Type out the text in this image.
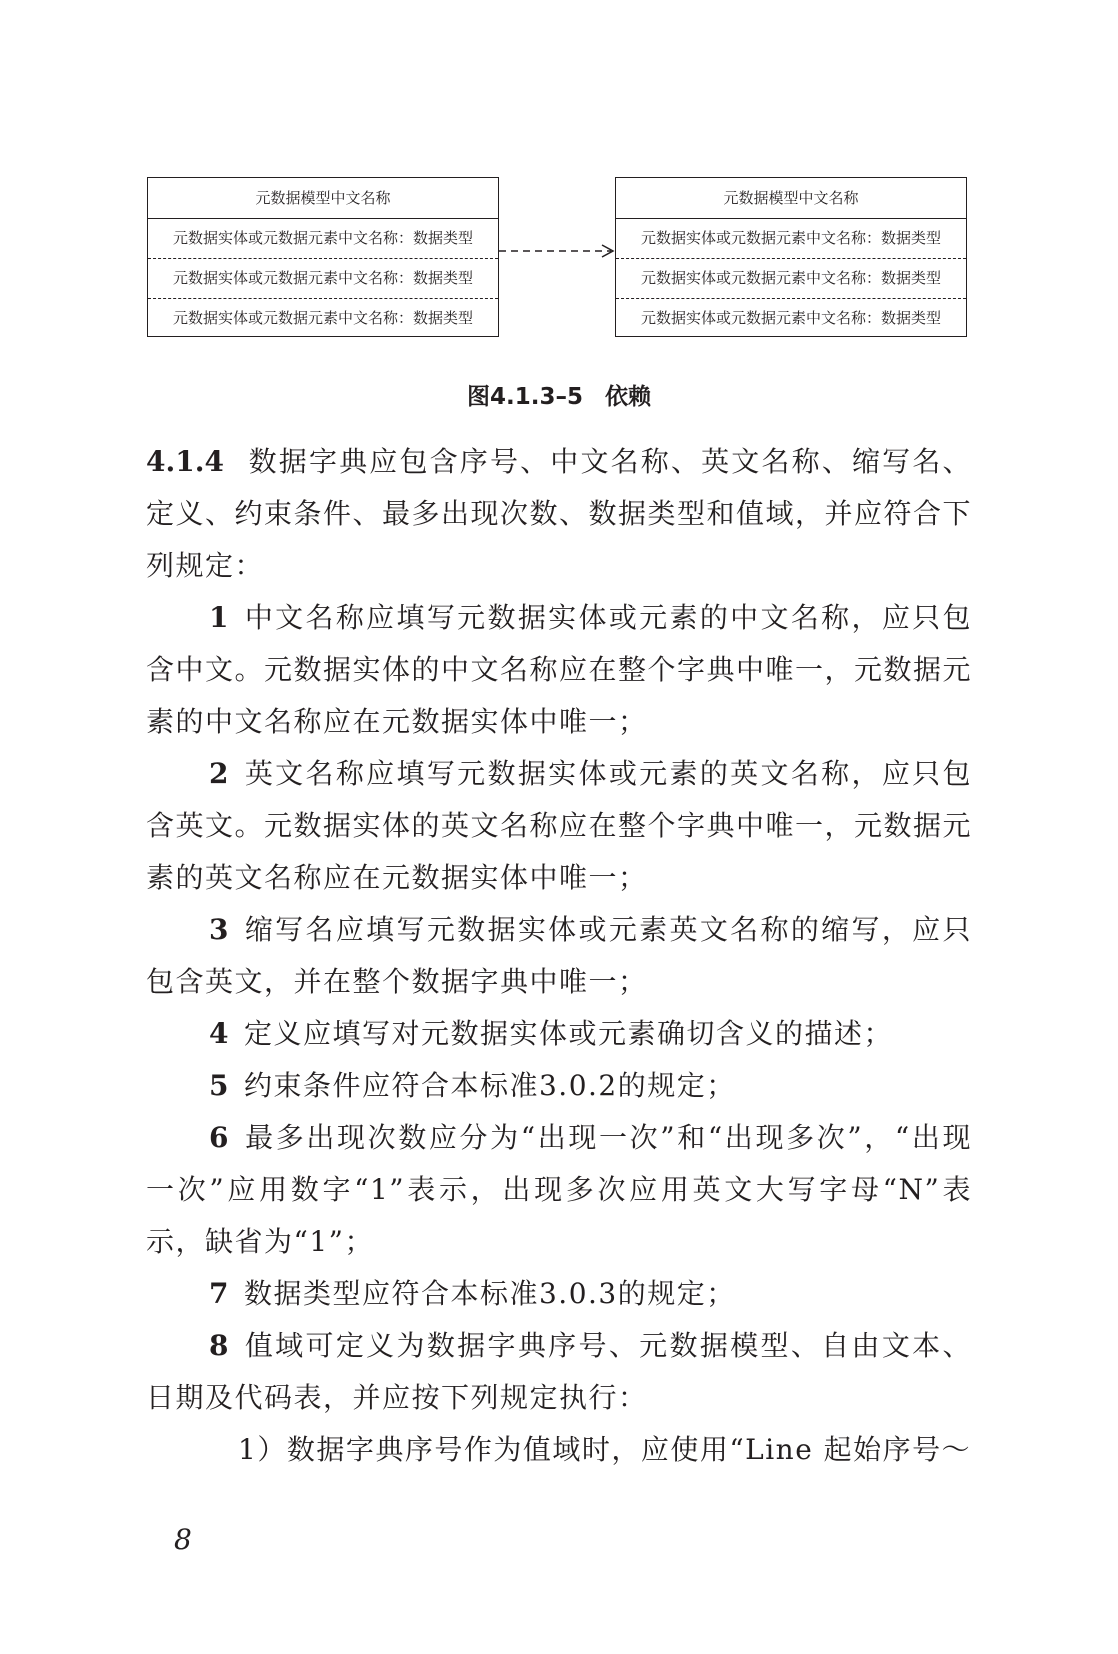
元数据模型中文名称
元数据实体或元数据元素中文名称：数据类型
元数据实体或元数据元素中文名称：数据类型
元数据实体或元数据元素中文名称：数据类型
元数据模型中文名称
元数据实体或元数据元素中文名称：数据类型
元数据实体或元数据元素中文名称：数据类型
元数据实体或元数据元素中文名称：数据类型
图4.1.3–5 依赖

4.1.4 数据字典应包含序号、中文名称、英文名称、缩写名、定义、约束条件、最多出现次数、数据类型和值域，并应符合下列规定：

1 中文名称应填写元数据实体或元素的中文名称，应只包含中文。元数据实体的中文名称应在整个字典中唯一，元数据元素的中文名称应在元数据实体中唯一；

2 英文名称应填写元数据实体或元素的英文名称，应只包含英文。元数据实体的英文名称应在整个字典中唯一，元数据元素的英文名称应在元数据实体中唯一；

3 缩写名应填写元数据实体或元素英文名称的缩写，应只包含英文，并在整个数据字典中唯一；

4 定义应填写对元数据实体或元素确切含义的描述；

5 约束条件应符合本标准3.0.2的规定；

6 最多出现次数应分为“出现一次”和“出现多次”，“出现一次”应用数字“1”表示，出现多次应用英文大写字母“N”表示，缺省为“1”；

7 数据类型应符合本标准3.0.3的规定；

8 值域可定义为数据字典序号、元数据模型、自由文本、日期及代码表，并应按下列规定执行：

1）数据字典序号作为值域时，应使用“Line 起始序号～

8
